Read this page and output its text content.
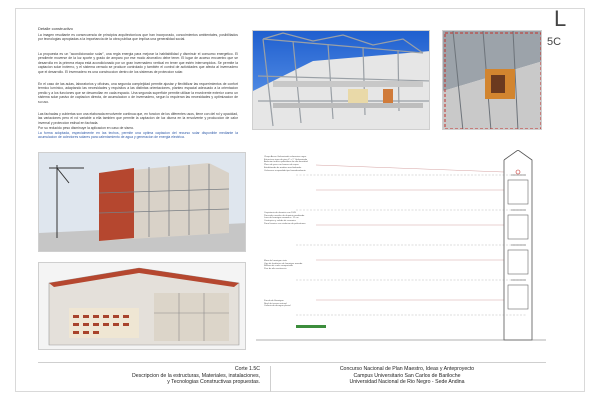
L
5C
Detalle constructivo
La imagen resultante es consecuencia de principios arquitectonicos que han incorporado, conocimientos ambientales, posibilitados por tecnologias apropiadas a la importancia de la obra publica que implica una generalidad social.
La propuesta es un "acondicionador solar", una regla energia para mejorar la habitabilidad y disminuir el consumo energetico. El pendiente moverse de la luz sporte y grado de amparo por ese modo ahorrativo debe tener. El lugar de acceso encuentro que se desarrolla en la primera etapa está acondicionado por un gran invernadero vertical en tener que estén interrumpidos. Se permite la captacion solar invierno, y el sistema cerrado se produce controlado y también el control de actividades que afecta al invernadero que el desarrollo. El invernadero es una construccion dentro de los sistemas de proteccion solar.
En el caso de las aulas, laboratorios y oficinas, una segunda complejidad permite ajustar y flexibilizar las requerimientos de confort termico lumínico, adaptando las necesidades y requisitos a las distintas orientaciones, planteo espacial adecuado a la orientacion predio y a los funciones que se desarrollan en cada espacio. Una segunda superficie permite utilizar la envolvente exterior como un sistema solar pasivo de captacion directa, de acumulacion o de invernadero, segun lo requieran las necesidades y optimizacion de su uso.
Las fachadas y cubiertas son una elaborada envolvente continua que, en funcion de los diferentes usos, tiene con del rol y opacidad, las variaciones pero el rol variable a ella tambien que permite la captacion de luz diurna en la envolvente y produccion de calor invernal y proteccion estival en fachada.
Por su reducido peso disminuye la aplicacion en caso de sismo.
La forma adoptada, especialmente en las techos, permite una optima captacion del recurso solar disponible mediante la acumulacion de colectores solares para calentamiento de agua y generacion de energia electrica.
Chapa Acero Galvanizado coloracion negro
Estructura vigas de pino 4" x 1" Galvanizado
Aislacion termica polietileno de alta densidad
Placa de yeso con barrera de vapor
Entablonado de madera machimbrado
Cielorraso suspendido tipo fonoabsorbente
Carpinteria de aluminio con DVH
Parasoles moviles de aluminio anodizado
Losa de hormigon armado e: 12 cm
Contrapiso y solado de ceramico
Panel termico con aislacion de poliestireno
Muro de hormigon visto
Viga de fundacion de hormigon armado
Relleno de suelo compactado
Piso de alta resistencia
Zocalo de Hormigon
Nivel de terreno natural
Cañeria de desague pluvial
Corte 1.5C
Descripcion de la estructuras, Materiales, instalaciones,
y Tecnologias Constructivas propuestas.
Concurso Nacional de Plan Maestro, Ideas y Anteproyecto
Campus Universitario San Carlos de Bariloche
Universidad Nacional de Rio Negro - Sede Andina
